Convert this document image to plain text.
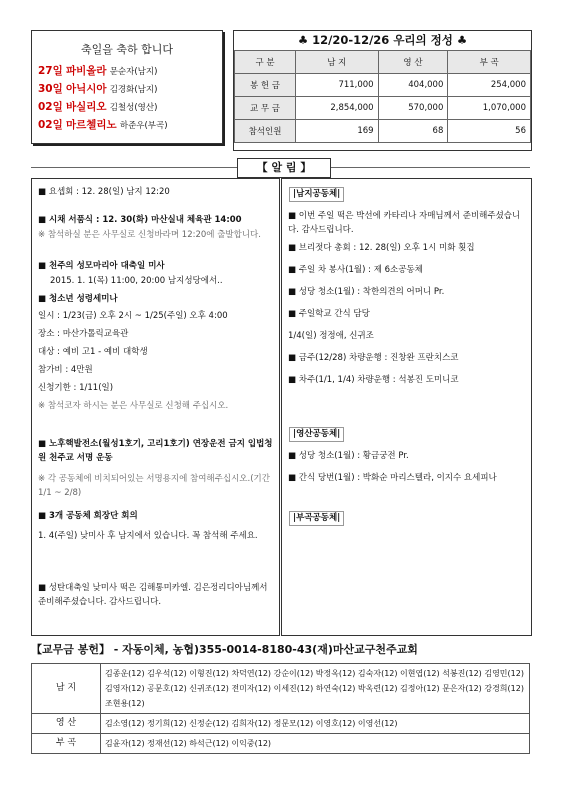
축일을 축하 합니다
27일 파비올라 문순자(남지)
30일 아닉시아 김경화(남지)
02일 바실리오 김철성(영산)
02일 마르첼리노 하준우(부곡)
♣ 12/20-12/26 우리의 정성 ♣
구 분	남 지	영 산	부 곡
봉 헌 금	711,000	404,000	254,000
교 무 금	2,854,000	570,000	1,070,000
참석인원	169	68	56
【 알 림 】
■ 요셉회 : 12. 28(일) 남지 12:20
■ 시채 서품식 : 12. 30(화) 마산실내 체육관 14:00
※ 참석하실 분은 사무실로 신청바라며 12:20에 출발합니다.
■ 천주의 성모마리아 대축일 미사
2015. 1. 1(목) 11:00, 20:00 남지성당에서..
■ 청소년 성령세미나
일시 : 1/23(금) 오후 2시 ~ 1/25(주일) 오후 4:00
장소 : 마산가톨릭교육관
대상 : 예비 고1 - 예비 대학생
참가비 : 4만원
신청기한 : 1/11(일)
※ 참석코자 하시는 분은 사무실로 신청해 주십시오.
■ 노후핵발전소(월성1호기, 고리1호기) 연장운전 금지 입법청원 천주교 서명 운동
※ 각 공동체에 비치되어있는 서명용지에 참여해주십시오.(기간 1/1 ~ 2/8)
■ 3개 공동체 회장단 회의
1. 4(주일) 낮미사 후 남지에서 있습니다. 꼭 참석해 주세요.
■ 성탄대축일 낮미사 떡은 김해통미카엘. 김은정리디아님께서 준비해주셨습니다. 감사드립니다.
|남지공동체|
■ 이번 주일 떡은 박선에 카타리나 자매님께서 준비해주셨습니다. 감사드립니다.
■ 브리젓다 총회 : 12. 28(일) 오후 1시 미화 횟집
■ 주일 차 봉사(1월) : 제 6소공동체
■ 성당 청소(1월) : 착한의견의 어머니 Pr.
■ 주일학교 간식 담당
1/4(일) 정정애, 신귀조
■ 금주(12/28) 차량운행 : 진창완 프란치스코
■ 차주(1/1, 1/4) 차량운행 : 석봉진 도미니코
|영산공동체|
■ 성당 청소(1월) : 황금궁전 Pr.
■ 간식 당번(1월) : 박화순 마리스텔라, 이지수 요세피나
|부곡공동체|
【교무금 봉헌】 - 자동이체, 농협)355-0014-8180-43(재)마산교구천주교회
남 지	김종운(12) 김우석(12) 이형진(12) 차덕연(12) 강순이(12) 박정옥(12) 김숙자(12) 이현엽(12) 석봉진(12) 김영민(12) 김영자(12) 공문호(12) 신귀조(12) 전미자(12) 이세진(12) 하연숙(12) 박옥련(12) 김정아(12) 문은자(12) 강경희(12) 조현용(12)
영 산	김소영(12) 정기희(12) 신정순(12) 김희자(12) 정문모(12) 이영호(12) 이영선(12)
부 곡	김윤자(12) 정재선(12) 하석근(12) 이익중(12)
